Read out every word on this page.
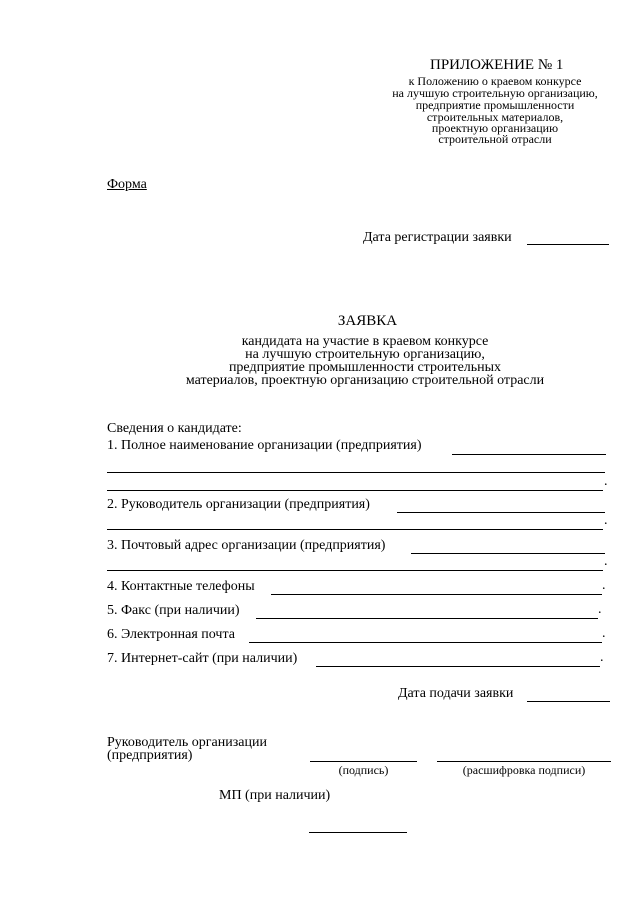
ПРИЛОЖЕНИЕ № 1
к Положению о краевом конкурсе
на лучшую строительную организацию,
предприятие промышленности
строительных материалов,
проектную организацию
строительной отрасли
Форма
Дата регистрации заявки
ЗАЯВКА
кандидата на участие в краевом конкурсе
на лучшую строительную организацию,
предприятие промышленности строительных
материалов, проектную организацию строительной отрасли
Сведения о кандидате:
1. Полное наименование организации (предприятия)
.
2. Руководитель организации (предприятия)
.
3. Почтовый адрес организации (предприятия)
.
4. Контактные телефоны	.
5. Факс (при наличии)	.
6. Электронная почта	.
7. Интернет-сайт (при наличии)	.
Дата подачи заявки
Руководитель организации
(предприятия)
(подпись)	(расшифровка подписи)
МП (при наличии)
